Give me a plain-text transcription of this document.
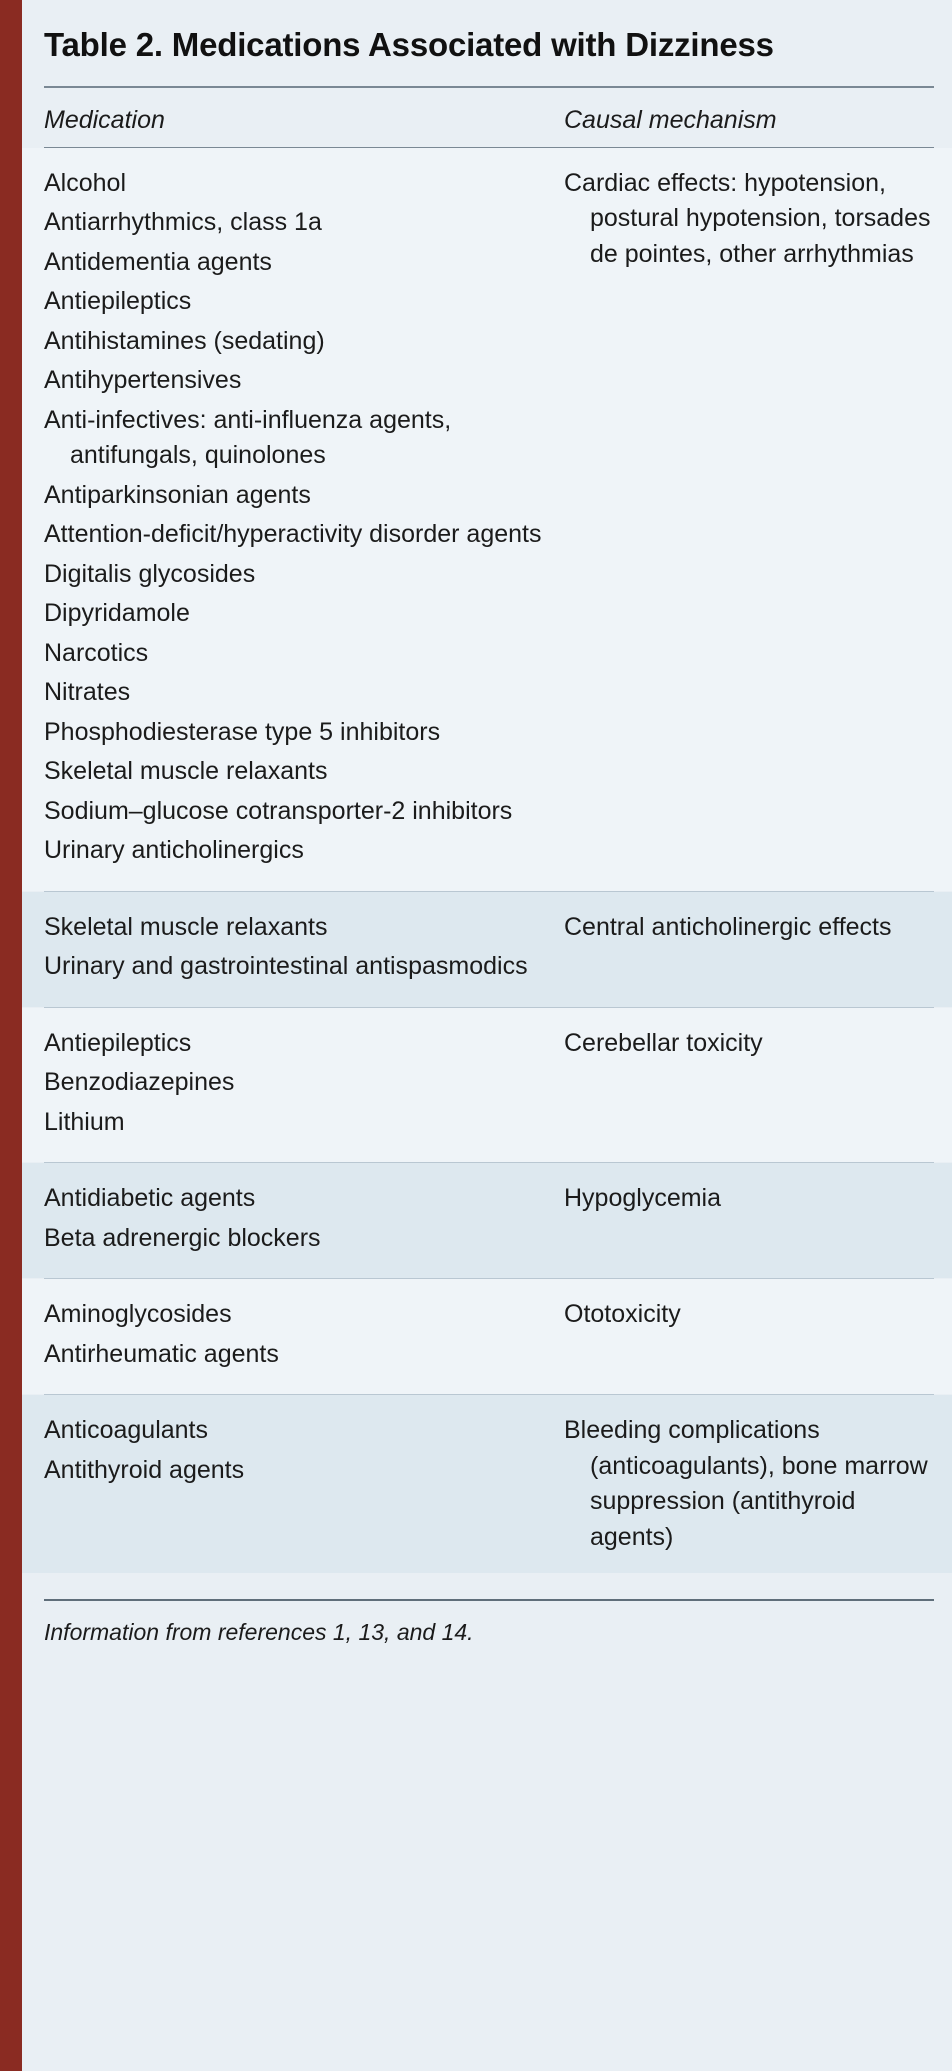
Table 2. Medications Associated with Dizziness
Medication	Causal mechanism
Alcohol
Antiarrhythmics, class 1a
Antidementia agents
Antiepileptics
Antihistamines (sedating)
Antihypertensives
Anti-infectives: anti-influenza agents, antifungals, quinolones
Antiparkinsonian agents
Attention-deficit/hyperactivity disorder agents
Digitalis glycosides
Dipyridamole
Narcotics
Nitrates
Phosphodiesterase type 5 inhibitors
Skeletal muscle relaxants
Sodium–glucose cotransporter-2 inhibitors
Urinary anticholinergics
Cardiac effects: hypotension, postural hypotension, torsades de pointes, other arrhythmias
Skeletal muscle relaxants
Urinary and gastrointestinal antispasmodics
Central anticholinergic effects
Antiepileptics
Benzodiazepines
Lithium
Cerebellar toxicity
Antidiabetic agents
Beta adrenergic blockers
Hypoglycemia
Aminoglycosides
Antirheumatic agents
Ototoxicity
Anticoagulants
Antithyroid agents
Bleeding complications (anticoagulants), bone marrow suppression (antithyroid agents)
Information from references 1, 13, and 14.
